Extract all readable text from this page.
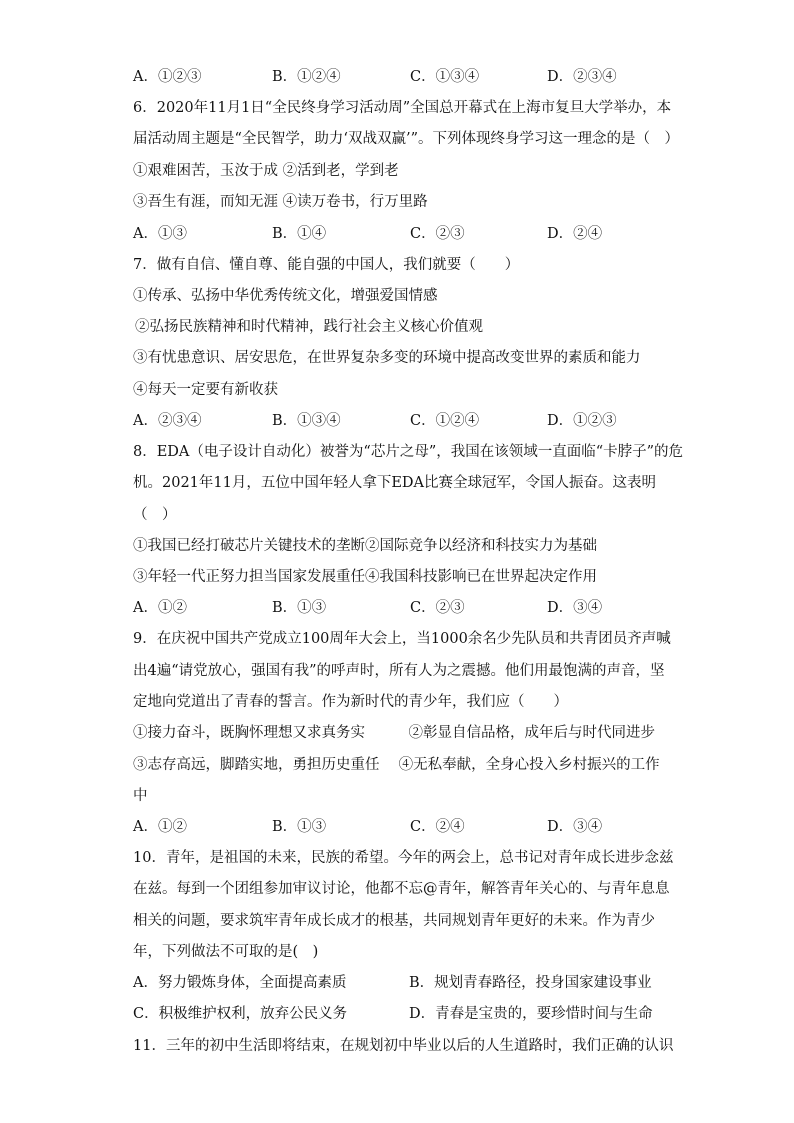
A．①②③	B．①②④	C．①③④	D．②③④
6．2020年11月1日“全民终身学习活动周”全国总开幕式在上海市复旦大学举办，本
届活动周主题是“全民智学，助力‘双战双赢’”。下列体现终身学习这一理念的是（　）
①艰难困苦，玉汝于成 ②活到老，学到老
③吾生有涯，而知无涯 ④读万卷书，行万里路
A．①③	B．①④	C．②③	D．②④
7．做有自信、懂自尊、能自强的中国人，我们就要（　　）
①传承、弘扬中华优秀传统文化，增强爱国情感
②弘扬民族精神和时代精神，践行社会主义核心价值观
③有忧患意识、居安思危，在世界复杂多变的环境中提高改变世界的素质和能力
④每天一定要有新收获
A．②③④	B．①③④	C．①②④	D．①②③
8．EDA（电子设计自动化）被誉为“芯片之母”，我国在该领域一直面临“卡脖子”的危
机。2021年11月，五位中国年轻人拿下EDA比赛全球冠军，令国人振奋。这表明
（　）
①我国已经打破芯片关键技术的垄断②国际竞争以经济和科技实力为基础
③年轻一代正努力担当国家发展重任④我国科技影响已在世界起决定作用
A．①②	B．①③	C．②③	D．③④
9．在庆祝中国共产党成立100周年大会上，当1000余名少先队员和共青团员齐声喊
出4遍“请党放心，强国有我”的呼声时，所有人为之震撼。他们用最饱满的声音，坚
定地向党道出了青春的誓言。作为新时代的青少年，我们应（　　）
①接力奋斗，既胸怀理想又求真务实　　　②彰显自信品格，成年后与时代同进步
③志存高远，脚踏实地，勇担历史重任　 ④无私奉献，全身心投入乡村振兴的工作
中
A．①②	B．①③	C．②④	D．③④
10．青年，是祖国的未来，民族的希望。今年的两会上，总书记对青年成长进步念兹
在兹。每到一个团组参加审议讨论，他都不忘@青年，解答青年关心的、与青年息息
相关的问题，要求筑牢青年成长成才的根基，共同规划青年更好的未来。作为青少
年，下列做法不可取的是(　)
A．努力锻炼身体，全面提高素质	B．规划青春路径，投身国家建设事业
C．积极维护权利，放弃公民义务	D．青春是宝贵的，要珍惜时间与生命
11．三年的初中生活即将结束，在规划初中毕业以后的人生道路时，我们正确的认识
